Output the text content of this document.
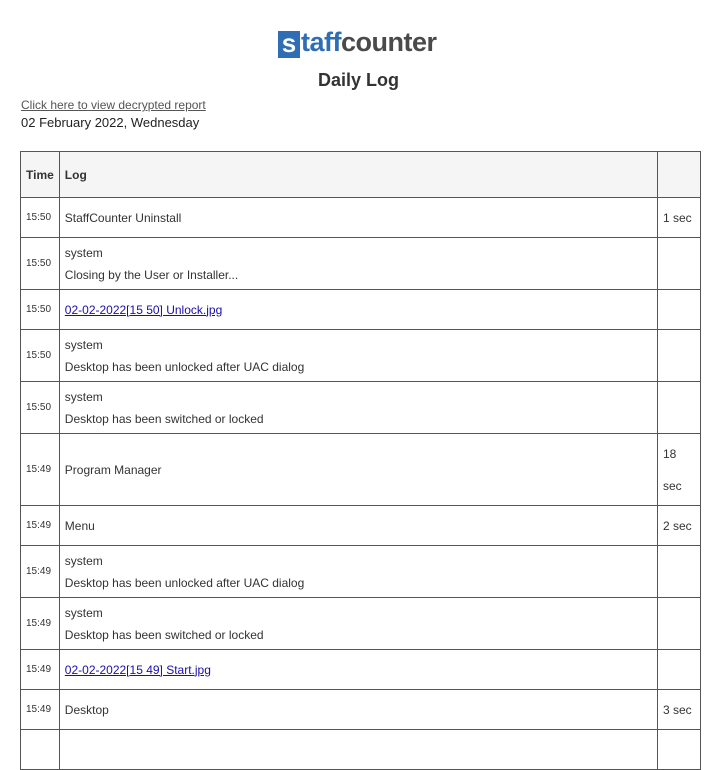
s taffcounter
Daily Log
Click here to view decrypted report
02 February 2022, Wednesday
Time	Log	
15:50	StaffCounter Uninstall	1 sec
15:50	system
Closing by the User or Installer...	

15:50	02-02-2022[15 50] Unlock.jpg	
15:50	system
Desktop has been unlocked after UAC dialog	

15:50	system
Desktop has been switched or locked	

15:49	Program Manager	18 sec
15:49	Menu	2 sec
15:49	system
Desktop has been unlocked after UAC dialog	

15:49	system
Desktop has been switched or locked	

15:49	02-02-2022[15 49] Start.jpg	
15:49	Desktop	3 sec
